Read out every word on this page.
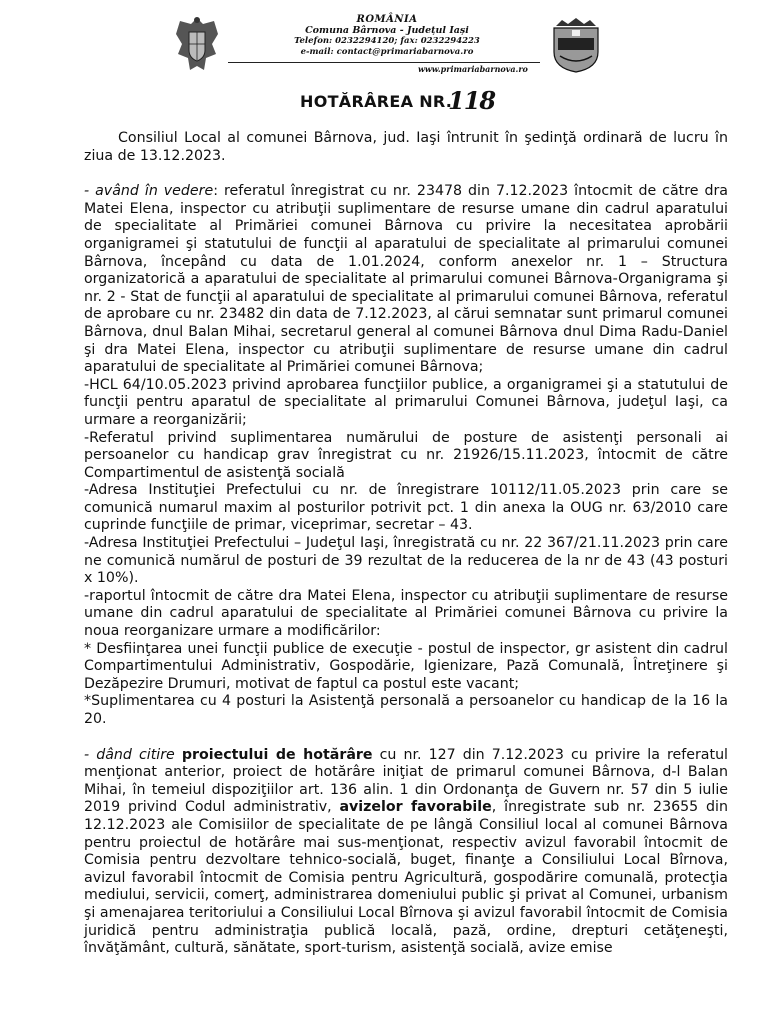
ROMÂNIA
Comuna Bârnova - Județul Iași
Telefon: 0232294120; fax: 0232294223
e-mail: contact@primariabarnova.ro
www.primariabarnova.ro
HOTĂRÂREA NR.
118

Consiliul Local al comunei Bârnova, jud. Iaşi întrunit în şedinţă ordinară de lucru în ziua de 13.12.2023.

- având în vedere: referatul înregistrat cu nr. 23478 din 7.12.2023 întocmit de către dra Matei Elena, inspector cu atribuţii suplimentare de resurse umane din cadrul aparatului de specialitate al Primăriei comunei Bârnova cu privire la necesitatea aprobării organigramei şi statutului de funcţii al aparatului de specialitate al primarului comunei Bârnova, începând cu data de 1.01.2024, conform anexelor nr. 1 – Structura organizatorică a aparatului de specialitate al primarului comunei Bârnova-Organigrama şi nr. 2 - Stat de funcţii al aparatului de specialitate al primarului comunei Bârnova, referatul de aprobare cu nr. 23482 din data de 7.12.2023, al cărui semnatar sunt primarul comunei Bârnova, dnul Balan Mihai, secretarul general al comunei Bârnova dnul Dima Radu-Daniel şi dra Matei Elena, inspector cu atribuţii suplimentare de resurse umane din cadrul aparatului de specialitate al Primăriei comunei Bârnova;

-HCL 64/10.05.2023 privind aprobarea funcţiilor publice, a organigramei şi a statutului de funcţii pentru aparatul de specialitate al primarului Comunei Bârnova, judeţul Iaşi, ca urmare a reorganizării;

-Referatul privind suplimentarea numărului de posture de asistenţi personali ai persoanelor cu handicap grav înregistrat cu nr. 21926/15.11.2023, întocmit de către Compartimentul de asistenţă socială

-Adresa Instituţiei Prefectului cu nr. de înregistrare 10112/11.05.2023 prin care se comunică numarul maxim al posturilor potrivit pct. 1 din anexa la OUG nr. 63/2010 care cuprinde funcţiile de primar, viceprimar, secretar – 43.

-Adresa Instituţiei Prefectului – Judeţul Iaşi, înregistrată cu nr. 22 367/21.11.2023 prin care ne comunică numărul de posturi de 39 rezultat de la reducerea de la nr de 43 (43 posturi x 10%).

-raportul întocmit de către dra Matei Elena, inspector cu atribuţii suplimentare de resurse umane din cadrul aparatului de specialitate al Primăriei comunei Bârnova cu privire la noua reorganizare urmare a modificărilor:

* Desfiinţarea unei funcţii publice de execuţie - postul de inspector, gr asistent din cadrul Compartimentului Administrativ, Gospodărie, Igienizare, Pază Comunală, Întreţinere şi Dezăpezire Drumuri, motivat de faptul ca postul este vacant;

*Suplimentarea cu 4 posturi la Asistenţă personală a persoanelor cu handicap de la 16 la 20.

- dând citire proiectului de hotărâre cu nr. 127 din 7.12.2023 cu privire la referatul menţionat anterior, proiect de hotărâre iniţiat de primarul comunei Bârnova, d-l Balan Mihai, în temeiul dispoziţiilor art. 136 alin. 1 din Ordonanţa de Guvern nr. 57 din 5 iulie 2019 privind Codul administrativ, avizelor favorabile, înregistrate sub nr. 23655 din 12.12.2023 ale Comisiilor de specialitate de pe lângă Consiliul local al comunei Bârnova pentru proiectul de hotărâre mai sus-menţionat, respectiv avizul favorabil întocmit de Comisia pentru dezvoltare tehnico-socială, buget, finanţe a Consiliului Local Bîrnova, avizul favorabil întocmit de Comisia pentru Agricultură, gospodărire comunală, protecţia mediului, servicii, comerţ, administrarea domeniului public şi privat al Comunei, urbanism şi amenajarea teritoriului a Consiliului Local Bîrnova şi avizul favorabil întocmit de Comisia juridică pentru administraţia publică locală, pază, ordine, drepturi cetăţeneşti, învăţământ, cultură, sănătate, sport-turism, asistenţă socială, avize emise
